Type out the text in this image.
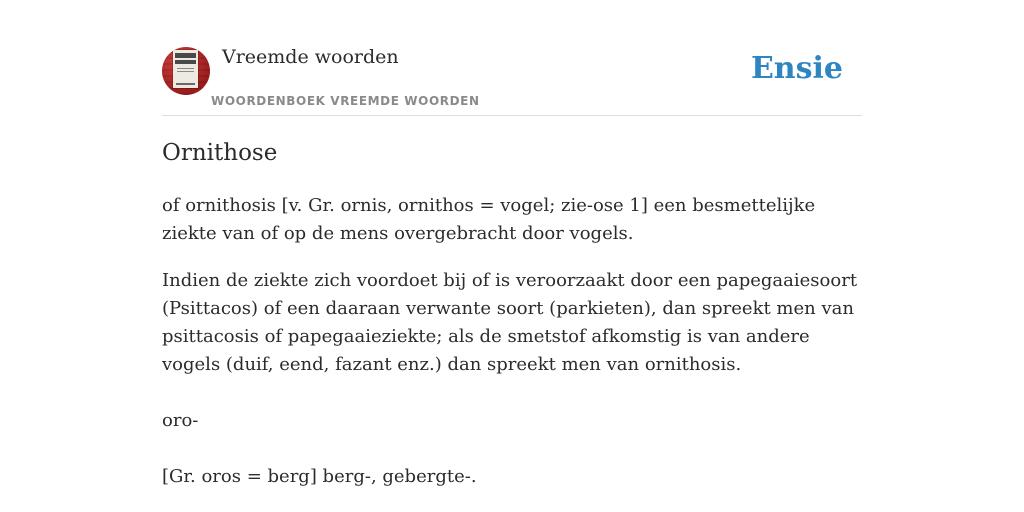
Vreemde woorden
WOORDENBOEK VREEMDE WOORDEN
Ensie
Ornithose

of ornithosis [v. Gr. ornis, ornithos = vogel; zie-ose 1] een besmettelijke ziekte van of op de mens overgebracht door vogels.

Indien de ziekte zich voordoet bij of is veroorzaakt door een papegaaiesoort (Psittacos) of een daaraan verwante soort (parkieten), dan spreekt men van psittacosis of papegaaieziekte; als de smetstof afkomstig is van andere vogels (duif, eend, fazant enz.) dan spreekt men van ornithosis.

oro-

[Gr. oros = berg] berg-, gebergte-.
